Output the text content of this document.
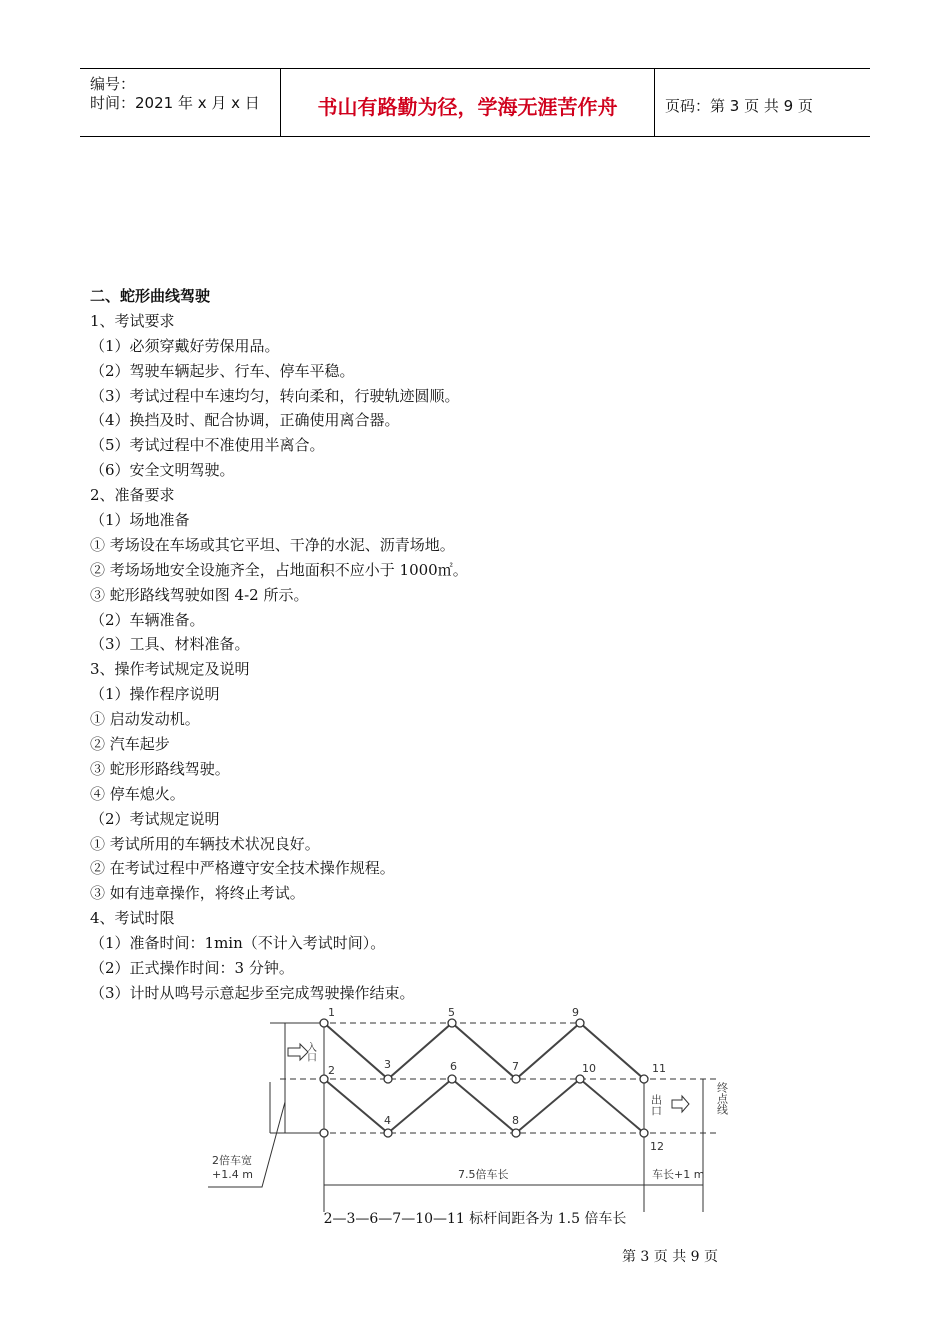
编号：
时间：2021 年 x 月 x 日	书山有路勤为径，学海无涯苦作舟	页码：第 3 页 共 9 页
二、蛇形曲线驾驶
1、考试要求
（1）必须穿戴好劳保用品。
（2）驾驶车辆起步、行车、停车平稳。
（3）考试过程中车速均匀，转向柔和，行驶轨迹圆顺。
（4）换挡及时、配合协调，正确使用离合器。
（5）考试过程中不准使用半离合。
（6）安全文明驾驶。
2、准备要求
（1）场地准备
① 考场设在车场或其它平坦、干净的水泥、沥青场地。
② 考场场地安全设施齐全，占地面积不应小于 1000㎡。
③ 蛇形路线驾驶如图 4-2 所示。
（2）车辆准备。
（3）工具、材料准备。
3、操作考试规定及说明
（1）操作程序说明
① 启动发动机。
② 汽车起步
③ 蛇形形路线驾驶。
④ 停车熄火。
（2）考试规定说明
① 考试所用的车辆技术状况良好。
② 在考试过程中严格遵守安全技术操作规程。
③ 如有违章操作，将终止考试。
4、考试时限
（1）准备时间：1min（不计入考试时间）。
（2）正式操作时间：3 分钟。
（3）计时从鸣号示意起步至完成驾驶操作结束。
1
2	3
4
5
6	7
8
9
10	11
12
入口
出口	终点线
2倍车宽
+1.4 m	7.5倍车长	车长+1 m
2—3—6—7—10—11 标杆间距各为 1.5 倍车长
第 3 页 共 9 页
